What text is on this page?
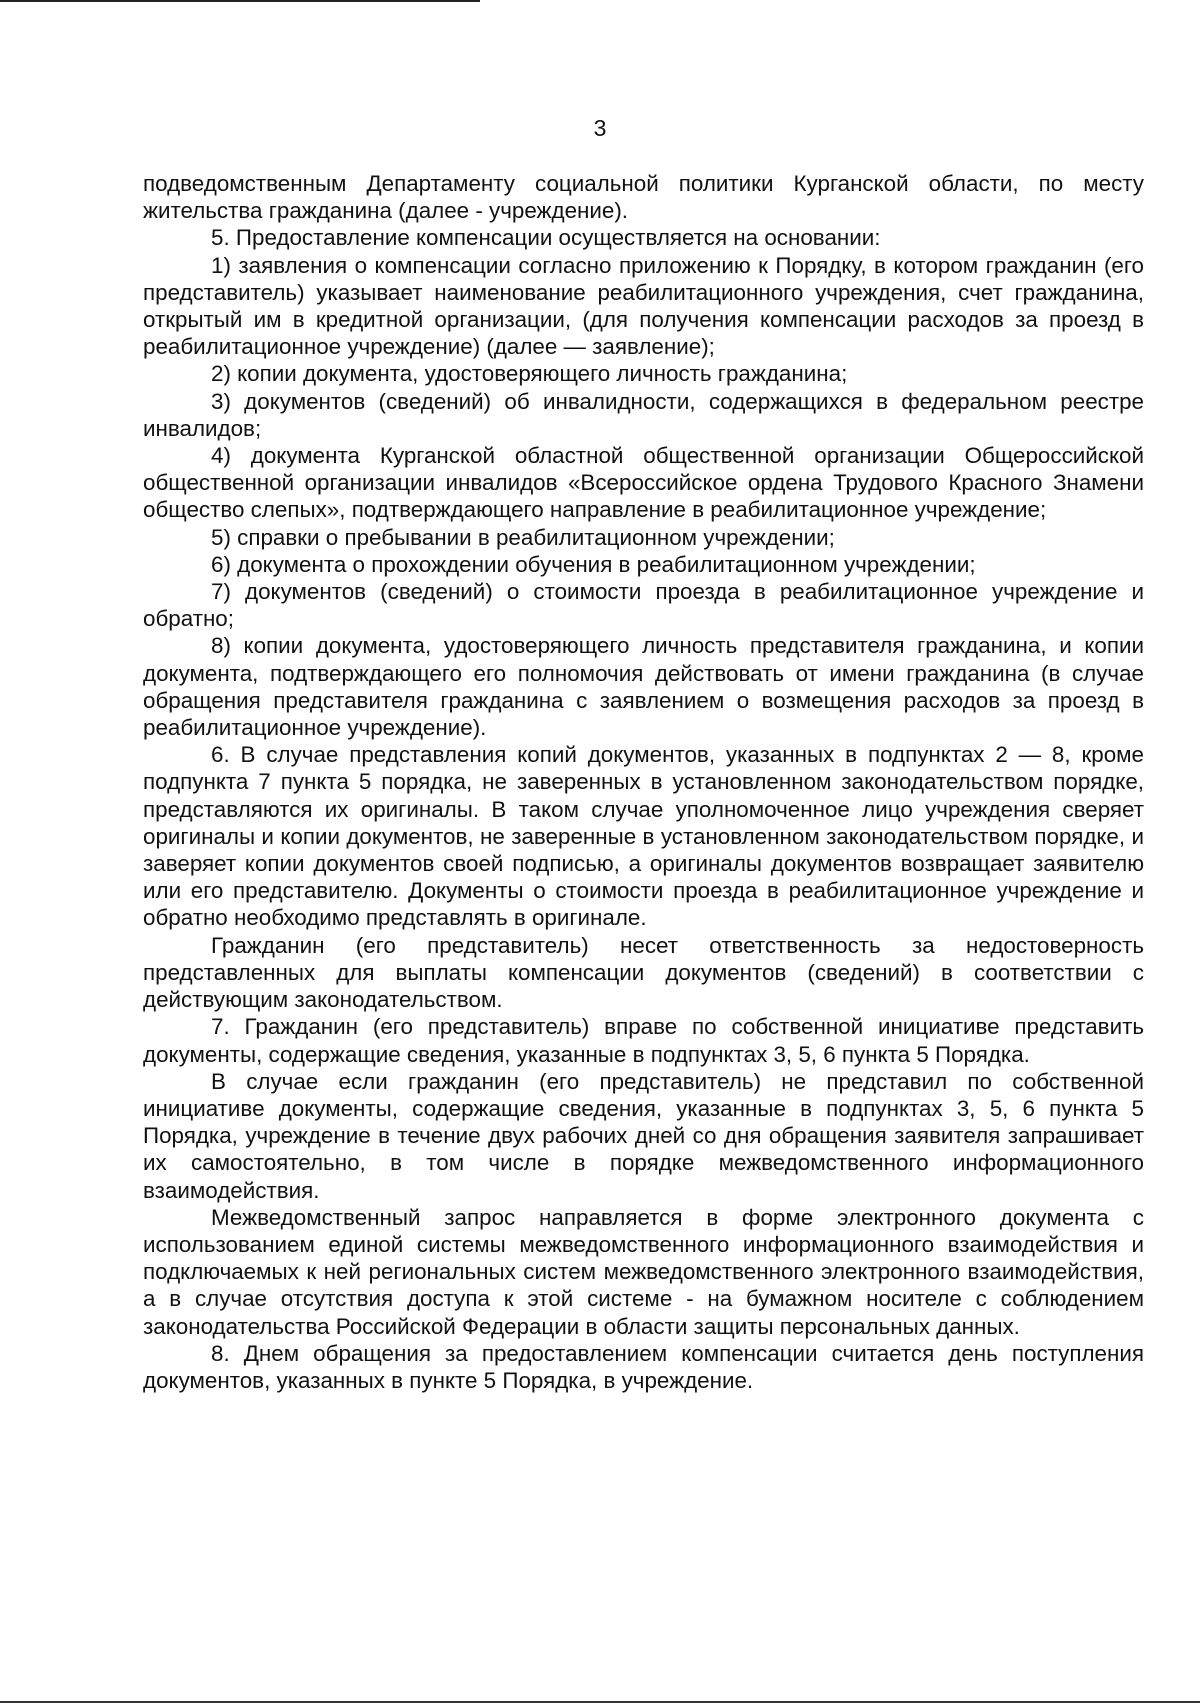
3

подведомственным Департаменту социальной политики Курганской области, по месту жительства гражданина (далее - учреждение).

5. Предоставление компенсации осуществляется на основании:

1) заявления о компенсации согласно приложению к Порядку, в котором гражданин (его представитель) указывает наименование реабилитационного учреждения, счет гражданина, открытый им в кредитной организации, (для получения компенсации расходов за проезд в реабилитационное учреждение) (далее — заявление);

2) копии документа, удостоверяющего личность гражданина;

3) документов (сведений) об инвалидности, содержащихся в федеральном реестре инвалидов;

4) документа Курганской областной общественной организации Общероссийской общественной организации инвалидов «Всероссийское ордена Трудового Красного Знамени общество слепых», подтверждающего направление в реабилитационное учреждение;

5) справки о пребывании в реабилитационном учреждении;

6) документа о прохождении обучения в реабилитационном учреждении;

7) документов (сведений) о стоимости проезда в реабилитационное учреждение и обратно;

8) копии документа, удостоверяющего личность представителя гражданина, и копии документа, подтверждающего его полномочия действовать от имени гражданина (в случае обращения представителя гражданина с заявлением о возмещения расходов за проезд в реабилитационное учреждение).

6. В случае представления копий документов, указанных в подпунктах 2 — 8, кроме подпункта 7 пункта 5 порядка, не заверенных в установленном законодательством порядке, представляются их оригиналы. В таком случае уполномоченное лицо учреждения сверяет оригиналы и копии документов, не заверенные в установленном законодательством порядке, и заверяет копии документов своей подписью, а оригиналы документов возвращает заявителю или его представителю. Документы о стоимости проезда в реабилитационное учреждение и обратно необходимо представлять в оригинале.

Гражданин (его представитель) несет ответственность за недостоверность представленных для выплаты компенсации документов (сведений) в соответствии с действующим законодательством.

7. Гражданин (его представитель) вправе по собственной инициативе представить документы, содержащие сведения, указанные в подпунктах 3, 5, 6 пункта 5 Порядка.

В случае если гражданин (его представитель) не представил по собственной инициативе документы, содержащие сведения, указанные в подпунктах 3, 5, 6 пункта 5 Порядка, учреждение в течение двух рабочих дней со дня обращения заявителя запрашивает их самостоятельно, в том числе в порядке межведомственного информационного взаимодействия.

Межведомственный запрос направляется в форме электронного документа с использованием единой системы межведомственного информационного взаимодействия и подключаемых к ней региональных систем межведомственного электронного взаимодействия, а в случае отсутствия доступа к этой системе - на бумажном носителе с соблюдением законодательства Российской Федерации в области защиты персональных данных.

8. Днем обращения за предоставлением компенсации считается день поступления документов, указанных в пункте 5 Порядка, в учреждение.
